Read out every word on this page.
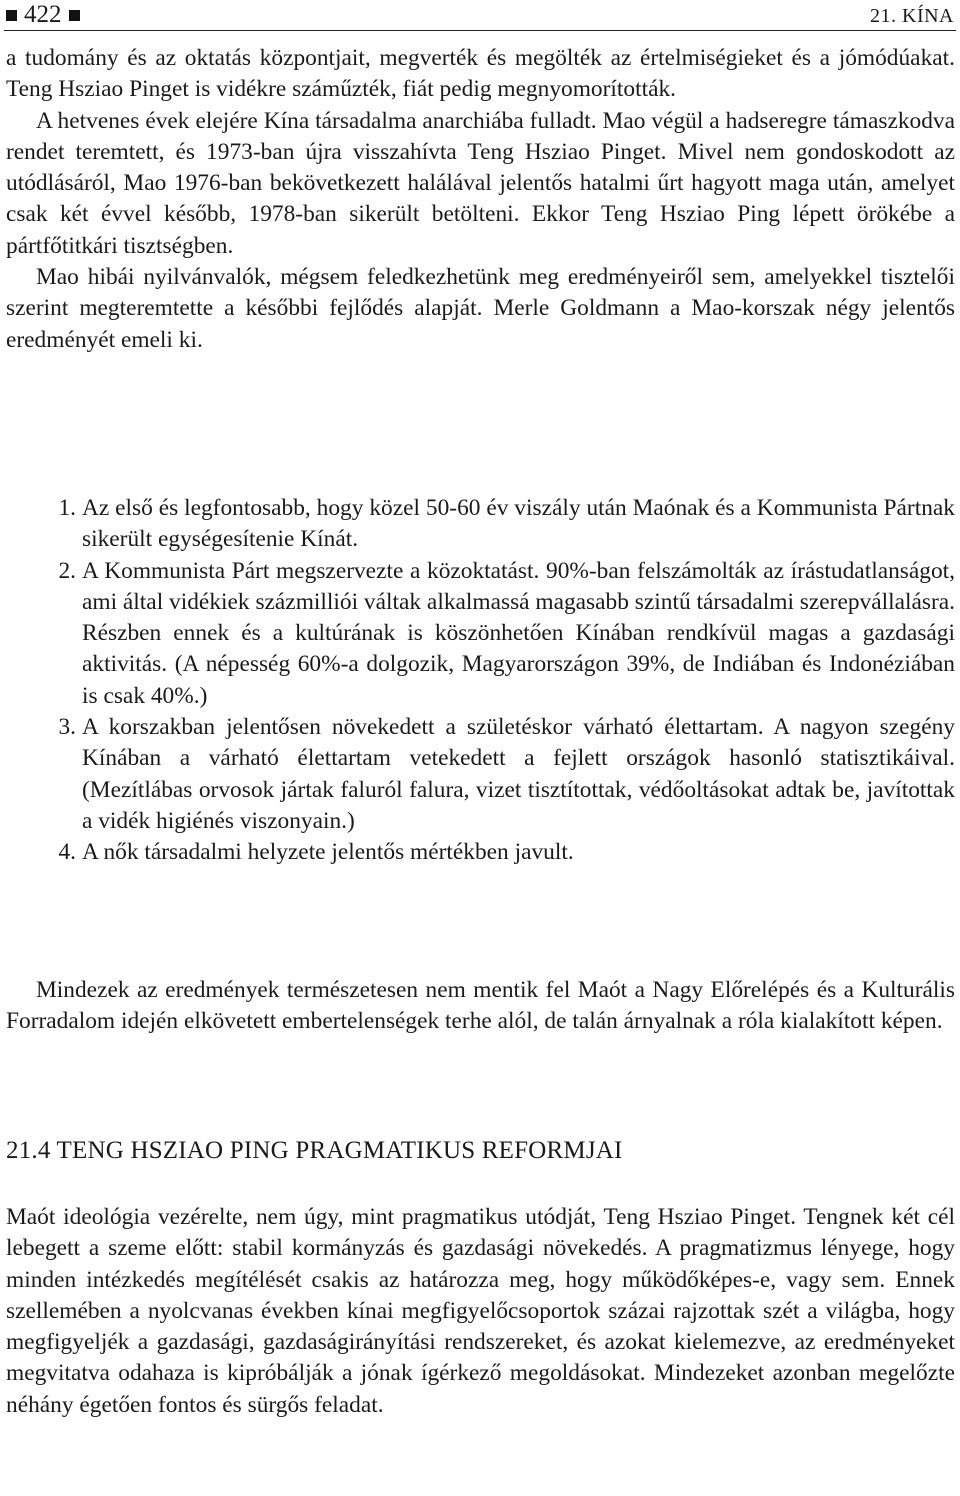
422	21. KÍNA

a tudomány és az oktatás központjait, megverték és megölték az értelmiségieket és a jómódúakat. Teng Hsziao Pinget is vidékre száműzték, fiát pedig megnyomorították.

A hetvenes évek elejére Kína társadalma anarchiába fulladt. Mao végül a hadseregre támaszkodva rendet teremtett, és 1973-ban újra visszahívta Teng Hsziao Pinget. Mivel nem gondoskodott az utódlásáról, Mao 1976-ban bekövetkezett halálával jelentős hatalmi űrt hagyott maga után, amelyet csak két évvel később, 1978-ban sikerült betölteni. Ekkor Teng Hsziao Ping lépett örökébe a pártfőtitkári tisztségben.

Mao hibái nyilvánvalók, mégsem feledkezhetünk meg eredményeiről sem, amelyekkel tisztelői szerint megteremtette a későbbi fejlődés alapját. Merle Goldmann a Mao-korszak négy jelentős eredményét emeli ki.

1. Az első és legfontosabb, hogy közel 50-60 év viszály után Maónak és a Kommunista Pártnak sikerült egységesítenie Kínát.
2. A Kommunista Párt megszervezte a közoktatást. 90%-ban felszámolták az írástudatlanságot, ami által vidékiek százmilliói váltak alkalmassá magasabb szintű társadalmi szerepvállalásra. Részben ennek és a kultúrának is köszönhetően Kínában rendkívül magas a gazdasági aktivitás. (A népesség 60%-a dolgozik, Magyarországon 39%, de Indiában és Indonéziában is csak 40%.)
3. A korszakban jelentősen növekedett a születéskor várható élettartam. A nagyon szegény Kínában a várható élettartam vetekedett a fejlett országok hasonló statisztikáival. (Mezítlábas orvosok jártak faluról falura, vizet tisztítottak, védőoltásokat adtak be, javítottak a vidék higiénés viszonyain.)
4. A nők társadalmi helyzete jelentős mértékben javult.

Mindezek az eredmények természetesen nem mentik fel Maót a Nagy Előrelépés és a Kulturális Forradalom idején elkövetett embertelenségek terhe alól, de talán árnyalnak a róla kialakított képen.

21.4 TENG HSZIAO PING PRAGMATIKUS REFORMJAI

Maót ideológia vezérelte, nem úgy, mint pragmatikus utódját, Teng Hsziao Pinget. Tengnek két cél lebegett a szeme előtt: stabil kormányzás és gazdasági növekedés. A pragmatizmus lényege, hogy minden intézkedés megítélését csakis az határozza meg, hogy működőképes-e, vagy sem. Ennek szellemében a nyolcvanas években kínai megfigyelőcsoportok százai rajzottak szét a világba, hogy megfigyeljék a gazdasági, gazdaságirányítási rendszereket, és azokat kielemezve, az eredményeket megvitatva odahaza is kipróbálják a jónak ígérkező megoldásokat. Mindezeket azonban megelőzte néhány égetően fontos és sürgős feladat.
